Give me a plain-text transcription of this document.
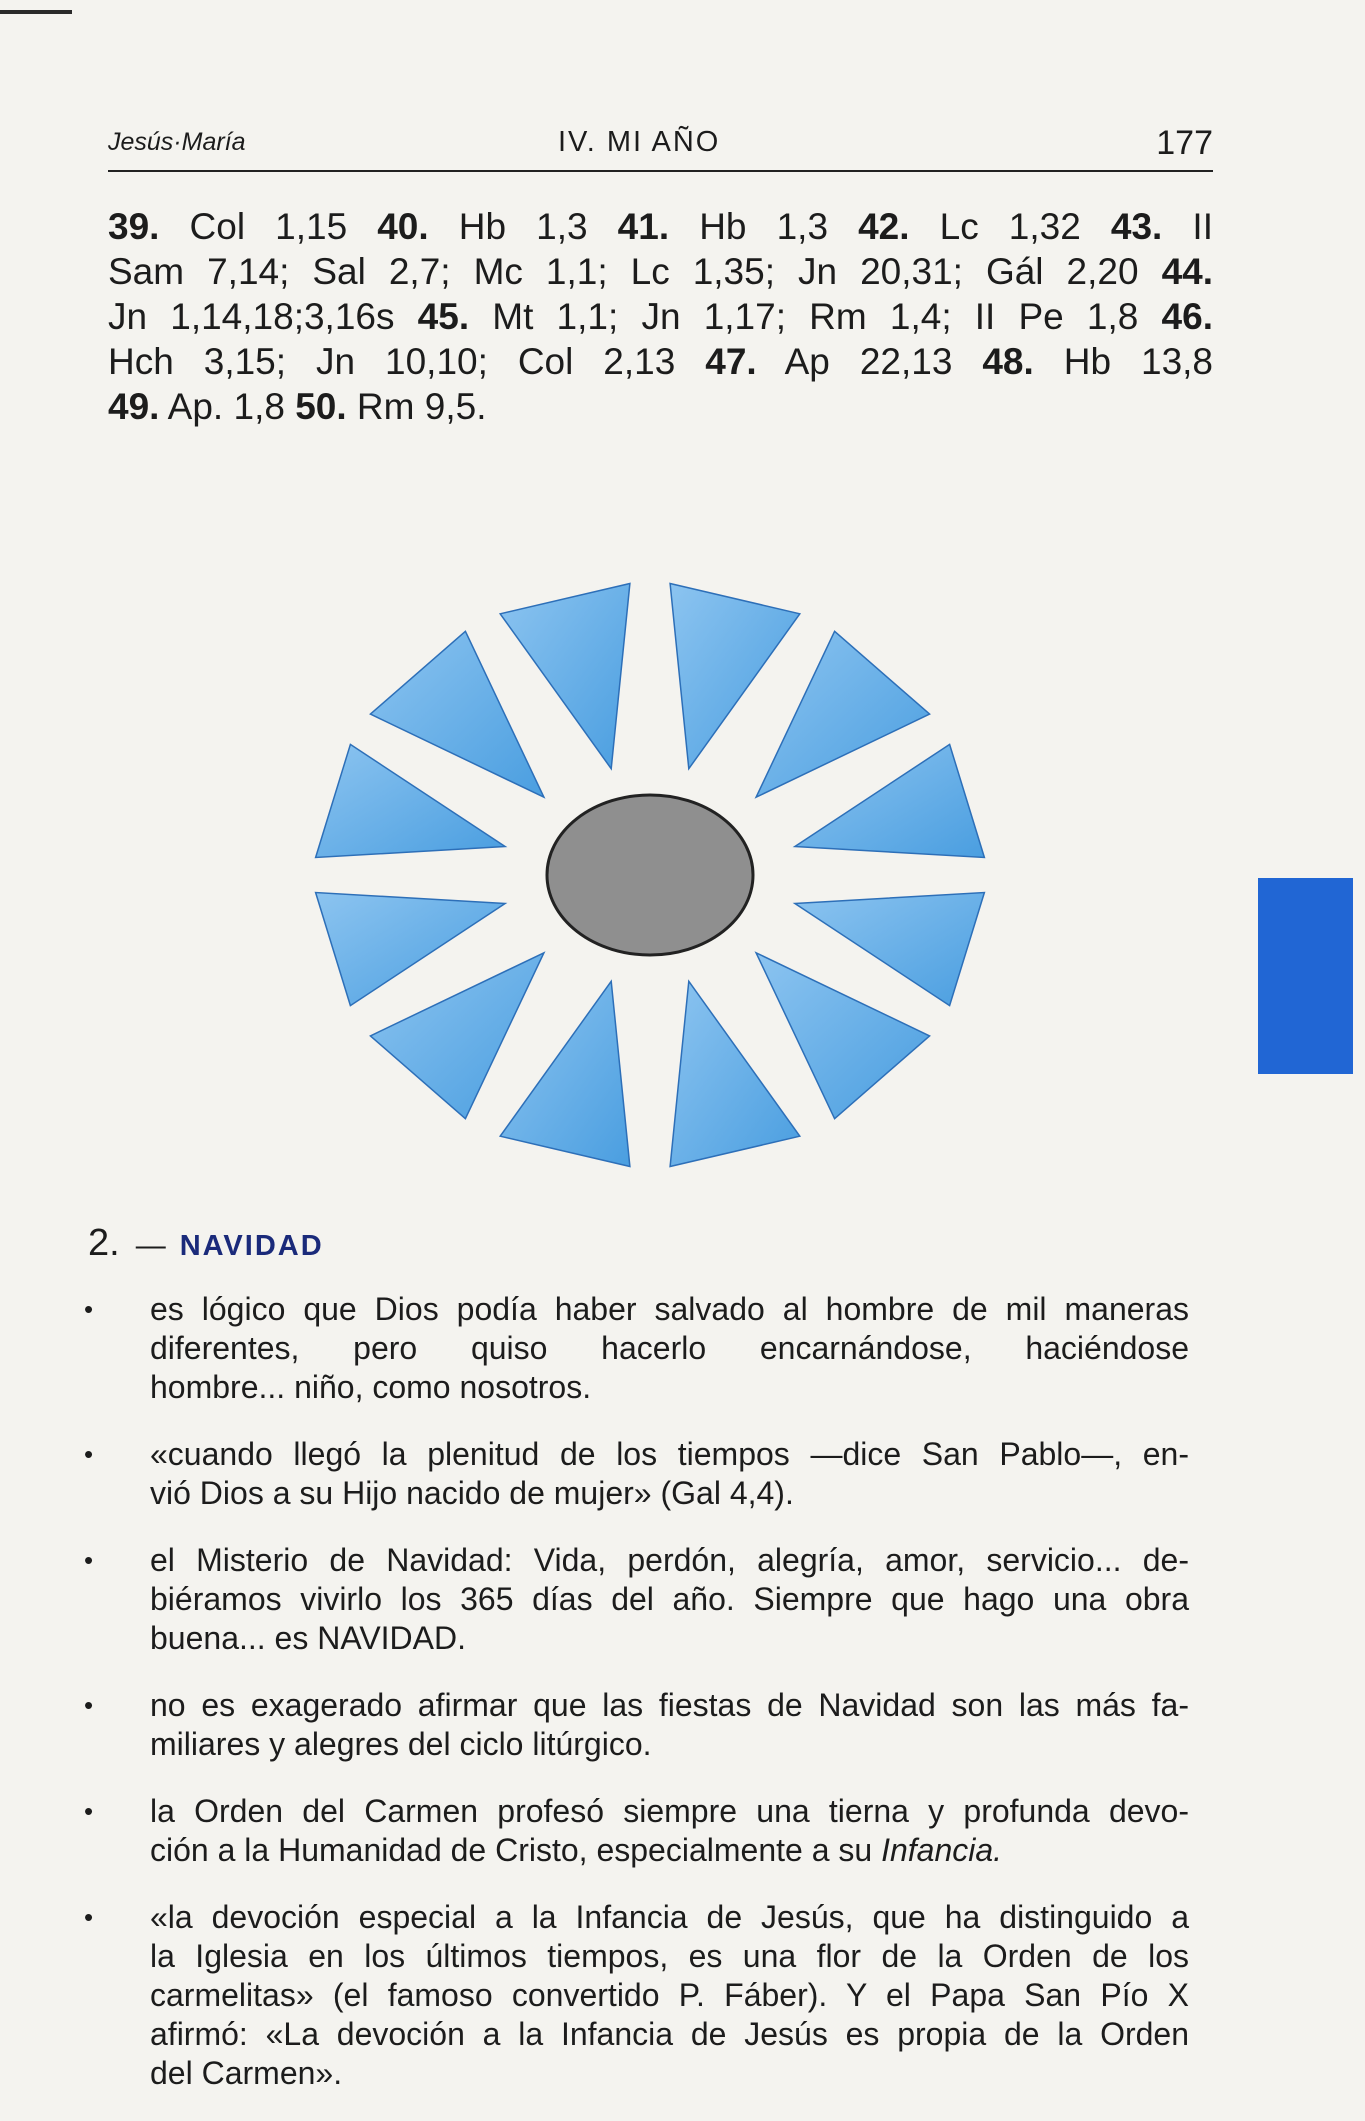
Jesús·María	IV. MI AÑO	177
39. Col 1,15 40. Hb 1,3 41. Hb 1,3 42. Lc 1,32 43. II
Sam 7,14; Sal 2,7; Mc 1,1; Lc 1,35; Jn 20,31; Gál 2,20 44.
Jn 1,14,18;3,16s 45. Mt 1,1; Jn 1,17; Rm 1,4; II Pe 1,8 46.
Hch 3,15; Jn 10,10; Col 2,13 47. Ap 22,13 48. Hb 13,8
49. Ap. 1,8 50. Rm 9,5.
2. — NAVIDAD
• es lógico que Dios podía haber salvado al hombre de mil maneras
diferentes, pero quiso hacerlo encarnándose, haciéndose
hombre... niño, como nosotros.
• «cuando llegó la plenitud de los tiempos —dice San Pablo—, en-
vió Dios a su Hijo nacido de mujer» (Gal 4,4).
• el Misterio de Navidad: Vida, perdón, alegría, amor, servicio... de-
biéramos vivirlo los 365 días del año. Siempre que hago una obra
buena... es NAVIDAD.
• no es exagerado afirmar que las fiestas de Navidad son las más fa-
miliares y alegres del ciclo litúrgico.
• la Orden del Carmen profesó siempre una tierna y profunda devo-
ción a la Humanidad de Cristo, especialmente a su Infancia.
• «la devoción especial a la Infancia de Jesús, que ha distinguido a
la Iglesia en los últimos tiempos, es una flor de la Orden de los
carmelitas» (el famoso convertido P. Fáber). Y el Papa San Pío X
afirmó: «La devoción a la Infancia de Jesús es propia de la Orden
del Carmen».
